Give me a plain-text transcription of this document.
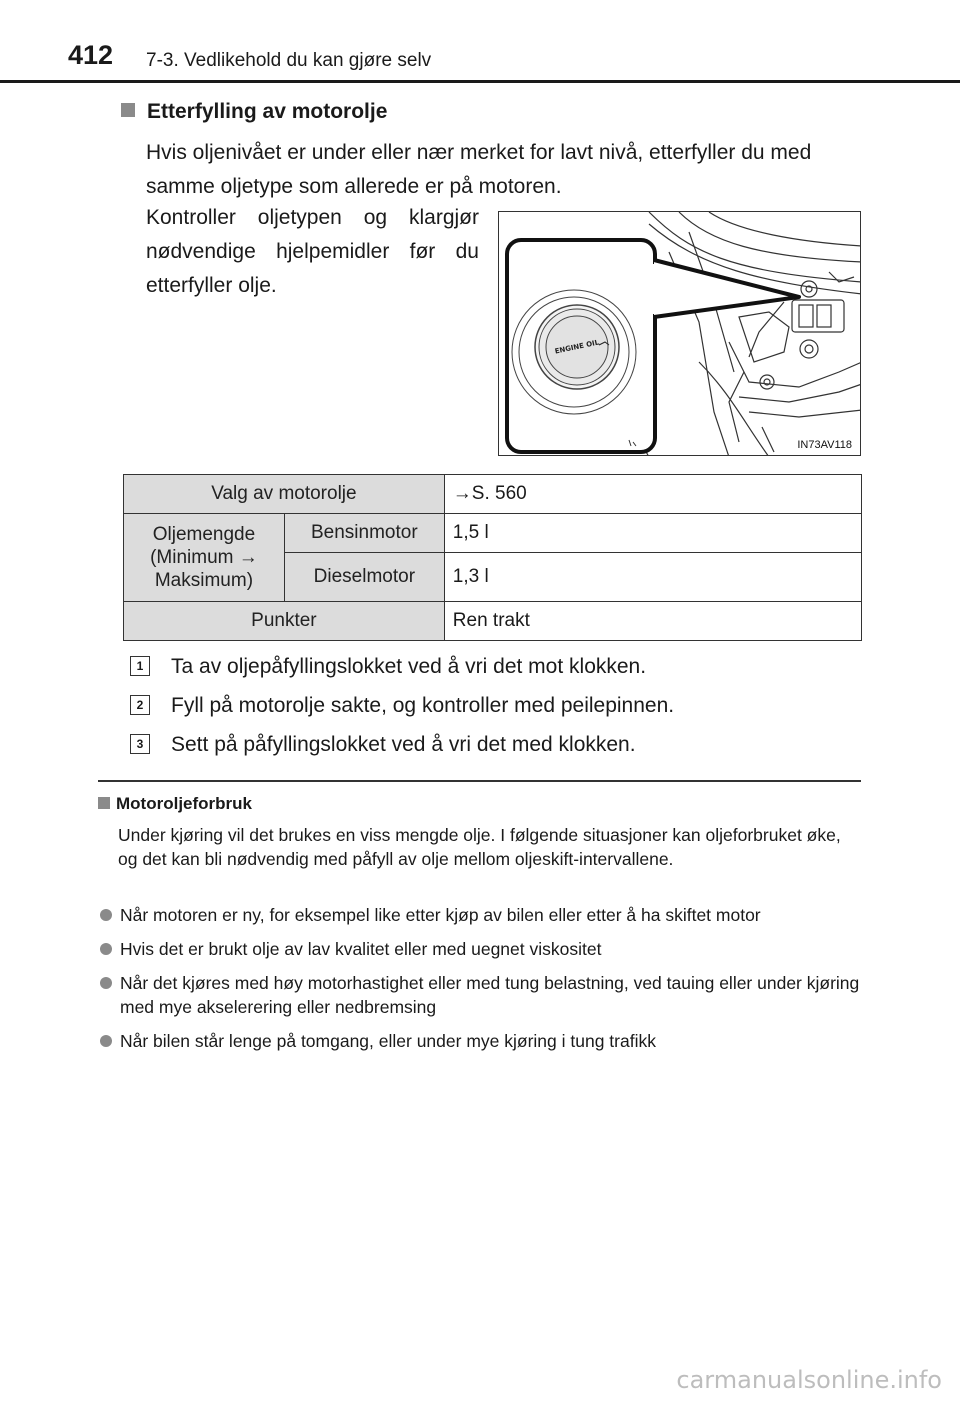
412 7-3. Vedlikehold du kan gjøre selv
Etterfylling av motorolje
Hvis oljenivået er under eller nær merket for lavt nivå, etterfyller du med samme oljetype som allerede er på motoren.
Kontroller oljetypen og klargjør nødvendige hjelpemidler før du etterfyller olje.
ENGINE OIL
IN73AV118
Valg av motorolje		→S. 560
Oljemengde (Minimum → Maksimum)	Bensinmotor	1,5 l
	Dieselmotor	1,3 l
Punkter		Ren trakt
1	Ta av oljepåfyllingslokket ved å vri det mot klokken.
2	Fyll på motorolje sakte, og kontroller med peilepinnen.
3	Sett på påfyllingslokket ved å vri det med klokken.
Motoroljeforbruk
Under kjøring vil det brukes en viss mengde olje. I følgende situasjoner kan oljeforbruket øke, og det kan bli nødvendig med påfyll av olje mellom oljeskift-intervallene.
Når motoren er ny, for eksempel like etter kjøp av bilen eller etter å ha skiftet motor
Hvis det er brukt olje av lav kvalitet eller med uegnet viskositet
Når det kjøres med høy motorhastighet eller med tung belastning, ved tauing eller under kjøring med mye akselerering eller nedbremsing
Når bilen står lenge på tomgang, eller under mye kjøring i tung trafikk
carmanualsonline.info
